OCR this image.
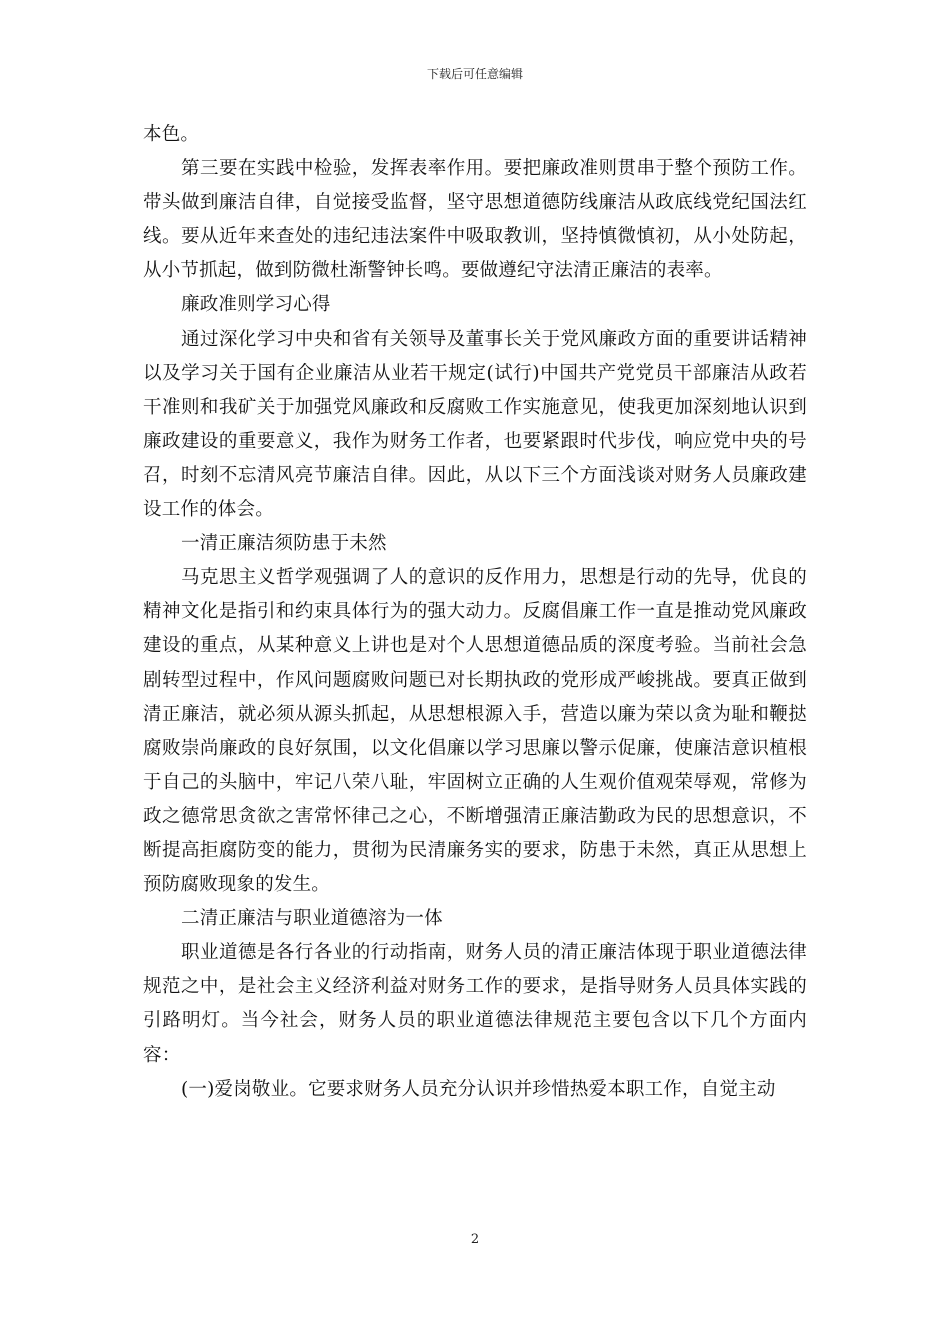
下载后可任意编辑

本色。

第三要在实践中检验，发挥表率作用。要把廉政准则贯串于整个预防工作。带头做到廉洁自律，自觉接受监督，坚守思想道德防线廉洁从政底线党纪国法红线。要从近年来查处的违纪违法案件中吸取教训，坚持慎微慎初，从小处防起，从小节抓起，做到防微杜渐警钟长鸣。要做遵纪守法清正廉洁的表率。

廉政准则学习心得

通过深化学习中央和省有关领导及董事长关于党风廉政方面的重要讲话精神以及学习关于国有企业廉洁从业若干规定(试行)中国共产党党员干部廉洁从政若干准则和我矿关于加强党风廉政和反腐败工作实施意见，使我更加深刻地认识到廉政建设的重要意义，我作为财务工作者，也要紧跟时代步伐，响应党中央的号召，时刻不忘清风亮节廉洁自律。因此，从以下三个方面浅谈对财务人员廉政建设工作的体会。

一清正廉洁须防患于未然

马克思主义哲学观强调了人的意识的反作用力，思想是行动的先导，优良的精神文化是指引和约束具体行为的强大动力。反腐倡廉工作一直是推动党风廉政建设的重点，从某种意义上讲也是对个人思想道德品质的深度考验。当前社会急剧转型过程中，作风问题腐败问题已对长期执政的党形成严峻挑战。要真正做到清正廉洁，就必须从源头抓起，从思想根源入手，营造以廉为荣以贪为耻和鞭挞腐败崇尚廉政的良好氛围，以文化倡廉以学习思廉以警示促廉，使廉洁意识植根于自己的头脑中，牢记八荣八耻，牢固树立正确的人生观价值观荣辱观，常修为政之德常思贪欲之害常怀律己之心，不断增强清正廉洁勤政为民的思想意识，不断提高拒腐防变的能力，贯彻为民清廉务实的要求，防患于未然，真正从思想上预防腐败现象的发生。

二清正廉洁与职业道德溶为一体

职业道德是各行各业的行动指南，财务人员的清正廉洁体现于职业道德法律规范之中，是社会主义经济利益对财务工作的要求，是指导财务人员具体实践的引路明灯。当今社会，财务人员的职业道德法律规范主要包含以下几个方面内容：

(一)爱岗敬业。它要求财务人员充分认识并珍惜热爱本职工作，自觉主动

2
